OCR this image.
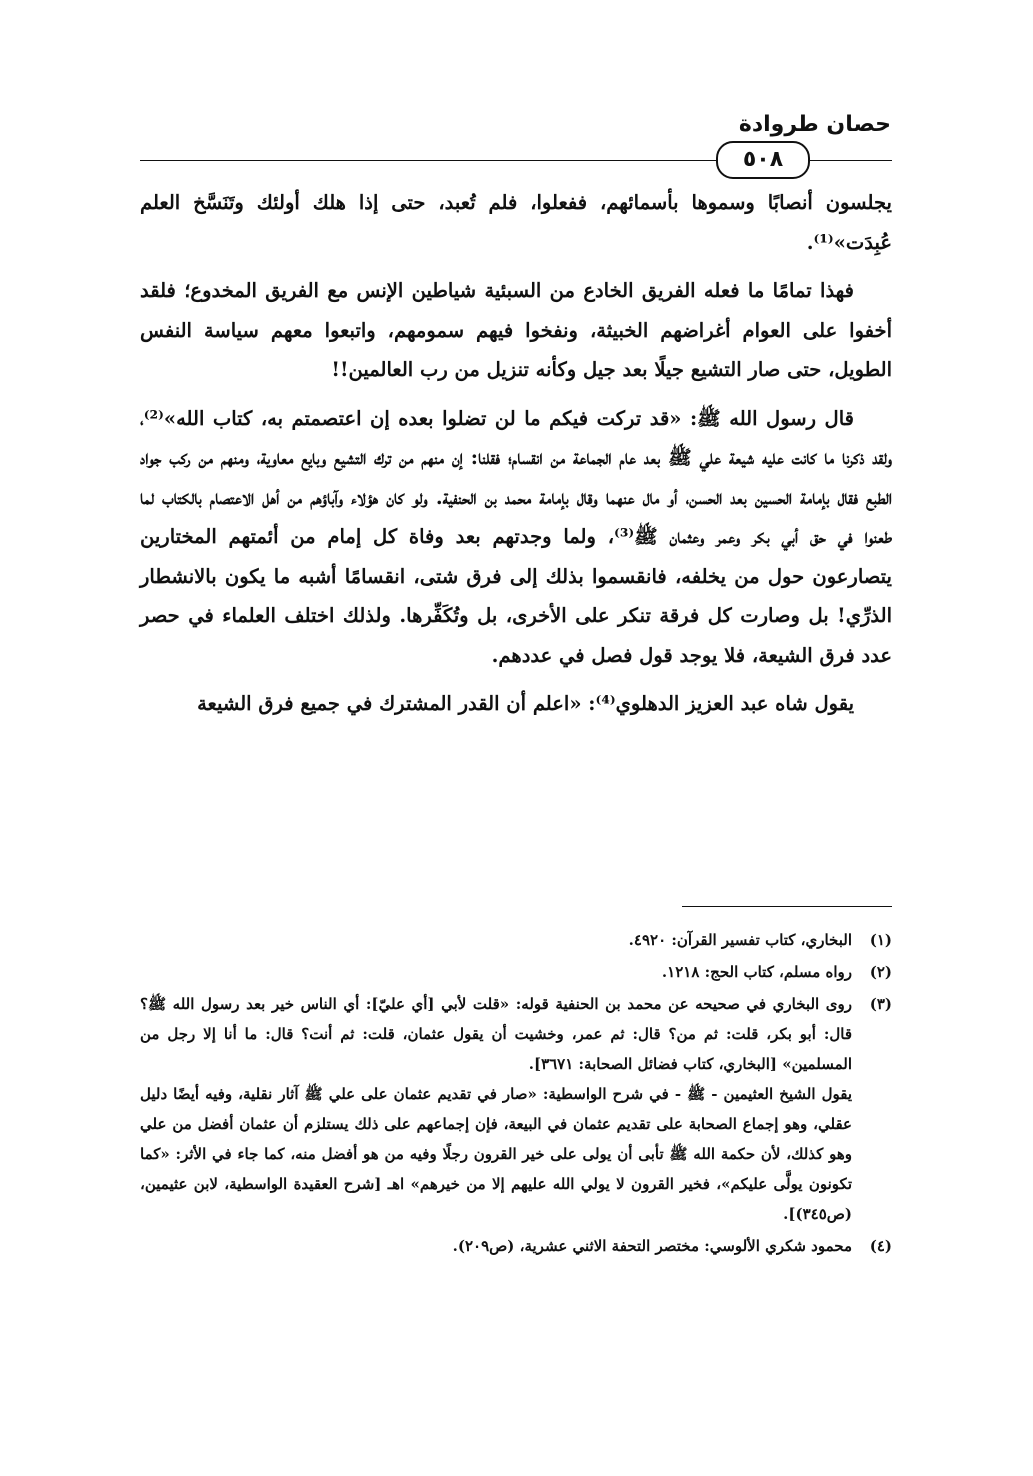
حصان طروادة
٥٠٨

يجلسون أنصابًا وسموها بأسمائهم، ففعلوا، فلم تُعبد، حتى إذا هلك أولئك وتَنَسَّخ العلم عُبِدَت»⁽¹⁾.

فهذا تمامًا ما فعله الفريق الخادع من السبئية شياطين الإنس مع الفريق المخدوع؛ فلقد أخفوا على العوام أغراضهم الخبيثة، ونفخوا فيهم سمومهم، واتبعوا معهم سياسة النفس الطويل، حتى صار التشيع جيلًا بعد جيل وكأنه تنزيل من رب العالمين!!

قال رسول الله ﷺ: «قد تركت فيكم ما لن تضلوا بعده إن اعتصمتم به، كتاب الله»⁽²⁾، ولقد ذكرنا ما كانت عليه شيعة علي ﷺ بعد عام الجماعة من انقسام؛ فقلنا: إن منهم من ترك التشيع وبايع معاوية، ومنهم من ركب جواد الطبع فقال بإمامة الحسين بعد الحسن، أو مال عنهما وقال بإمامة محمد بن الحنفية. ولو كان هؤلاء وآباؤهم من أهل الاعتصام بالكتاب لما طعنوا في حق أبي بكر وعمر وعثمان ﷺ⁽³⁾، ولما وجدتهم بعد وفاة كل إمام من أئمتهم المختارين يتصارعون حول من يخلفه، فانقسموا بذلك إلى فرق شتى، انقسامًا أشبه ما يكون بالانشطار الذرِّي! بل وصارت كل فرقة تنكر على الأخرى، بل وتُكَفِّرها. ولذلك اختلف العلماء في حصر عدد فرق الشيعة، فلا يوجد قول فصل في عددهم.

يقول شاه عبد العزيز الدهلوي⁽⁴⁾: «اعلم أن القدر المشترك في جميع فرق الشيعة

(١)

البخاري، كتاب تفسير القرآن: ٤٩٢٠.

(٢)

رواه مسلم، كتاب الحج: ١٢١٨.

(٣)

روى البخاري في صحيحه عن محمد بن الحنفية قوله: «قلت لأبي [أي عليّ]: أي الناس خير بعد رسول الله ﷺ؟ قال: أبو بكر، قلت: ثم من؟ قال: ثم عمر، وخشيت أن يقول عثمان، قلت: ثم أنت؟ قال: ما أنا إلا رجل من المسلمين» [البخاري، كتاب فضائل الصحابة: ٣٦٧١].

يقول الشيخ العثيمين - ﷺ - في شرح الواسطية: «صار في تقديم عثمان على علي ﷺ آثار نقلية، وفيه أيضًا دليل عقلي، وهو إجماع الصحابة على تقديم عثمان في البيعة، فإن إجماعهم على ذلك يستلزم أن عثمان أفضل من علي وهو كذلك، لأن حكمة الله ﷺ تأبى أن يولى على خير القرون رجلًا وفيه من هو أفضل منه، كما جاء في الأثر: «كما تكونون يولَّى عليكم»، فخير القرون لا يولي الله عليهم إلا من خيرهم» اهـ [شرح العقيدة الواسطية، لابن عثيمين، (ص٣٤٥)].

(٤)

محمود شكري الألوسي: مختصر التحفة الاثني عشرية، (ص٢٠٩).
